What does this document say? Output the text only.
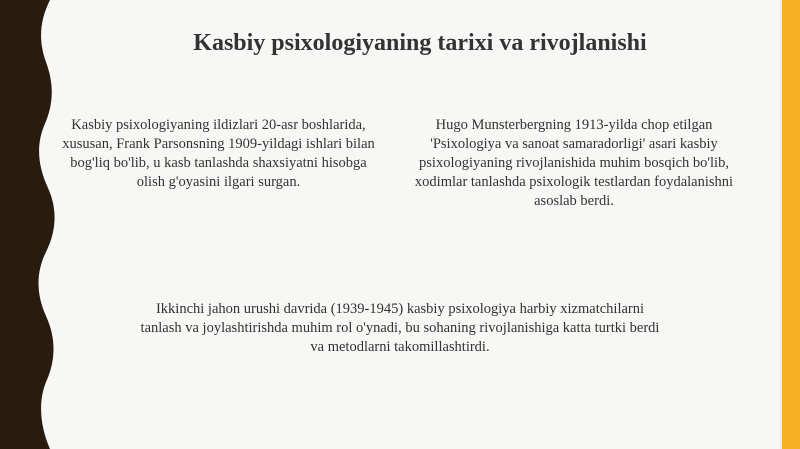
Kasbiy psixologiyaning tarixi va rivojlanishi

Kasbiy psixologiyaning ildizlari 20-asr boshlarida, xususan, Frank Parsonsning 1909-yildagi ishlari bilan bog'liq bo'lib, u kasb tanlashda shaxsiyatni hisobga olish g'oyasini ilgari surgan.

Hugo Munsterbergning 1913-yilda chop etilgan 'Psixologiya va sanoat samaradorligi' asari kasbiy psixologiyaning rivojlanishida muhim bosqich bo'lib, xodimlar tanlashda psixologik testlardan foydalanishni asoslab berdi.

Ikkinchi jahon urushi davrida (1939-1945) kasbiy psixologiya harbiy xizmatchilarni tanlash va joylashtirishda muhim rol o'ynadi, bu sohaning rivojlanishiga katta turtki berdi va metodlarni takomillashtirdi.
